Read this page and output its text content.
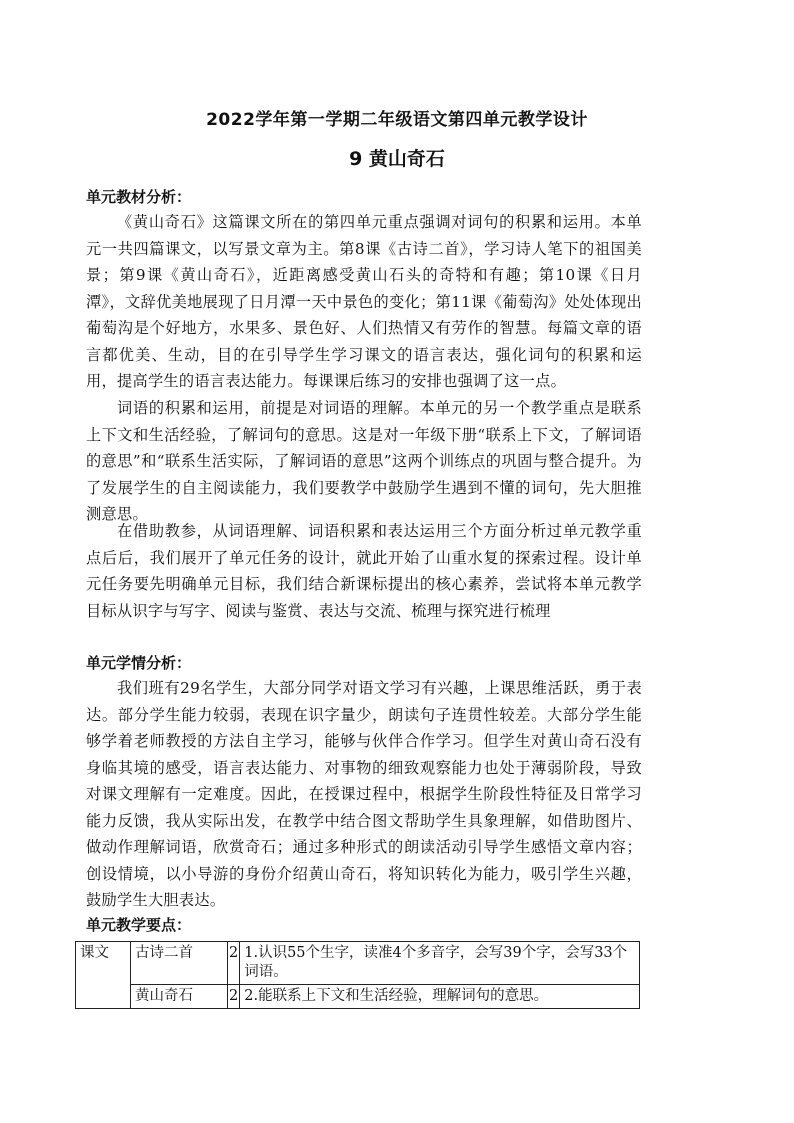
2022学年第一学期二年级语文第四单元教学设计
9 黄山奇石
单元教材分析：

《黄山奇石》这篇课文所在的第四单元重点强调对词句的积累和运用。本单元一共四篇课文，以写景文章为主。第8课《古诗二首》，学习诗人笔下的祖国美景；第9课《黄山奇石》，近距离感受黄山石头的奇特和有趣；第10课《日月潭》，文辞优美地展现了日月潭一天中景色的变化；第11课《葡萄沟》处处体现出葡萄沟是个好地方，水果多、景色好、人们热情又有劳作的智慧。每篇文章的语言都优美、生动，目的在引导学生学习课文的语言表达，强化词句的积累和运用，提高学生的语言表达能力。每课课后练习的安排也强调了这一点。

词语的积累和运用，前提是对词语的理解。本单元的另一个教学重点是联系上下文和生活经验，了解词句的意思。这是对一年级下册“联系上下文，了解词语的意思”和“联系生活实际，了解词语的意思”这两个训练点的巩固与整合提升。为了发展学生的自主阅读能力，我们要教学中鼓励学生遇到不懂的词句，先大胆推测意思。

在借助教参，从词语理解、词语积累和表达运用三个方面分析过单元教学重点后后，我们展开了单元任务的设计，就此开始了山重水复的探索过程。设计单元任务要先明确单元目标，我们结合新课标提出的核心素养，尝试将本单元教学目标从识字与写字、阅读与鉴赏、表达与交流、梳理与探究进行梳理

单元学情分析：

我们班有29名学生，大部分同学对语文学习有兴趣，上课思维活跃，勇于表达。部分学生能力较弱，表现在识字量少，朗读句子连贯性较差。大部分学生能够学着老师教授的方法自主学习，能够与伙伴合作学习。但学生对黄山奇石没有身临其境的感受，语言表达能力、对事物的细致观察能力也处于薄弱阶段，导致对课文理解有一定难度。因此，在授课过程中，根据学生阶段性特征及日常学习能力反馈，我从实际出发，在教学中结合图文帮助学生具象理解，如借助图片、做动作理解词语，欣赏奇石；通过多种形式的朗读活动引导学生感悟文章内容；创设情境，以小导游的身份介绍黄山奇石，将知识转化为能力，吸引学生兴趣，鼓励学生大胆表达。

单元教学要点：
课文	古诗二首	2	1.认识55个生字，读准4个多音字，会写39个字，会写33个词语。
	黄山奇石	2	2.能联系上下文和生活经验，理解词句的意思。
